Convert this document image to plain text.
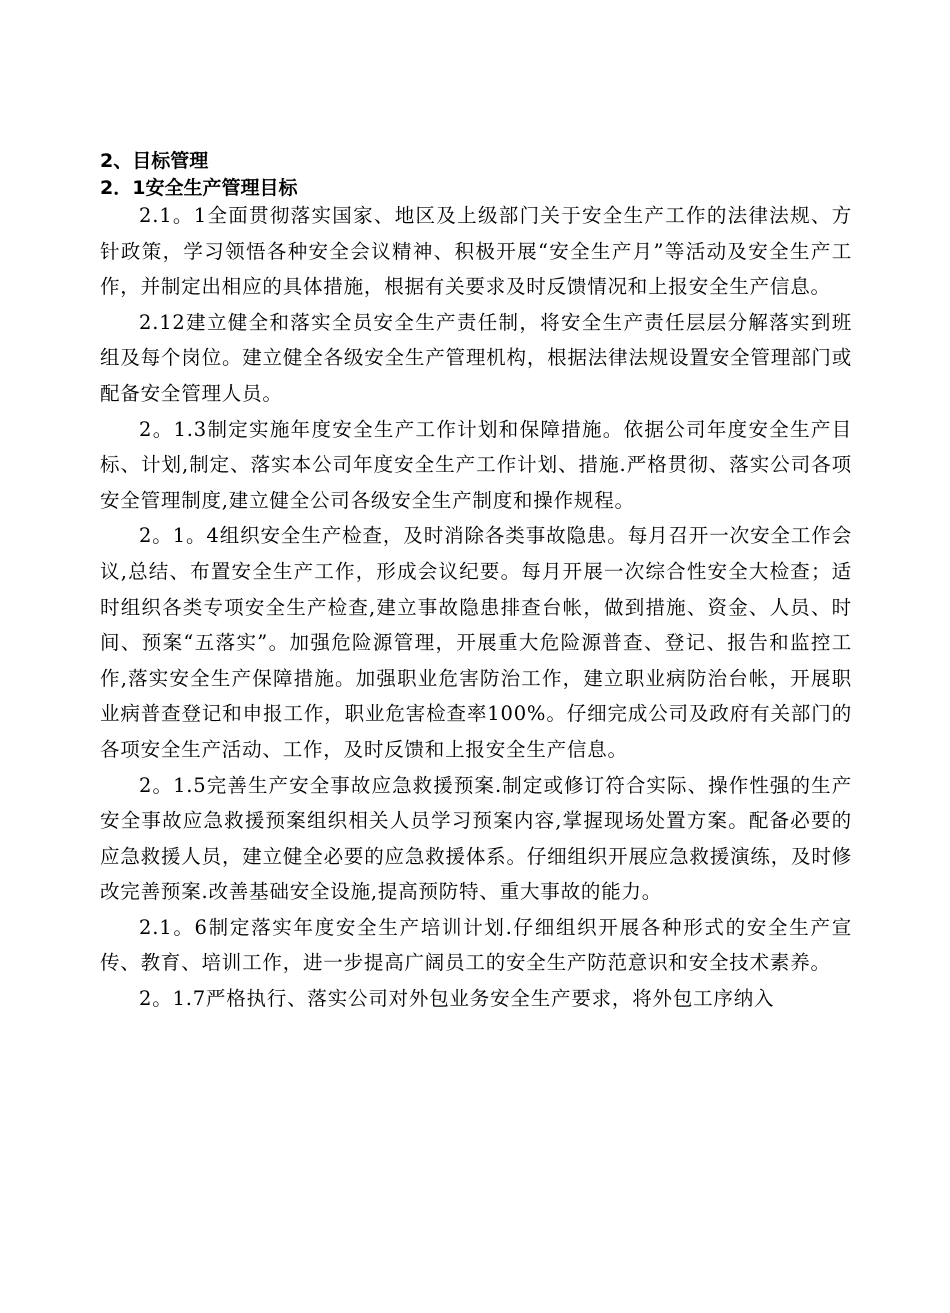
2、目标管理

2．1安全生产管理目标

2.1。1全面贯彻落实国家、地区及上级部门关于安全生产工作的法律法规、方针政策，学习领悟各种安全会议精神、积极开展“安全生产月”等活动及安全生产工作，并制定出相应的具体措施，根据有关要求及时反馈情况和上报安全生产信息。

2.12建立健全和落实全员安全生产责任制，将安全生产责任层层分解落实到班组及每个岗位。建立健全各级安全生产管理机构，根据法律法规设置安全管理部门或配备安全管理人员。

2。1.3制定实施年度安全生产工作计划和保障措施。依据公司年度安全生产目标、计划,制定、落实本公司年度安全生产工作计划、措施.严格贯彻、落实公司各项安全管理制度,建立健全公司各级安全生产制度和操作规程。

2。1。4组织安全生产检查，及时消除各类事故隐患。每月召开一次安全工作会议,总结、布置安全生产工作，形成会议纪要。每月开展一次综合性安全大检查；适时组织各类专项安全生产检查,建立事故隐患排查台帐，做到措施、资金、人员、时间、预案“五落实”。加强危险源管理，开展重大危险源普查、登记、报告和监控工作,落实安全生产保障措施。加强职业危害防治工作，建立职业病防治台帐，开展职业病普查登记和申报工作，职业危害检查率100%。仔细完成公司及政府有关部门的各项安全生产活动、工作，及时反馈和上报安全生产信息。

2。1.5完善生产安全事故应急救援预案.制定或修订符合实际、操作性强的生产安全事故应急救援预案组织相关人员学习预案内容,掌握现场处置方案。配备必要的应急救援人员，建立健全必要的应急救援体系。仔细组织开展应急救援演练，及时修改完善预案.改善基础安全设施,提高预防特、重大事故的能力。

2.1。6制定落实年度安全生产培训计划.仔细组织开展各种形式的安全生产宣传、教育、培训工作，进一步提高广阔员工的安全生产防范意识和安全技术素养。

2。1.7严格执行、落实公司对外包业务安全生产要求，将外包工序纳入
